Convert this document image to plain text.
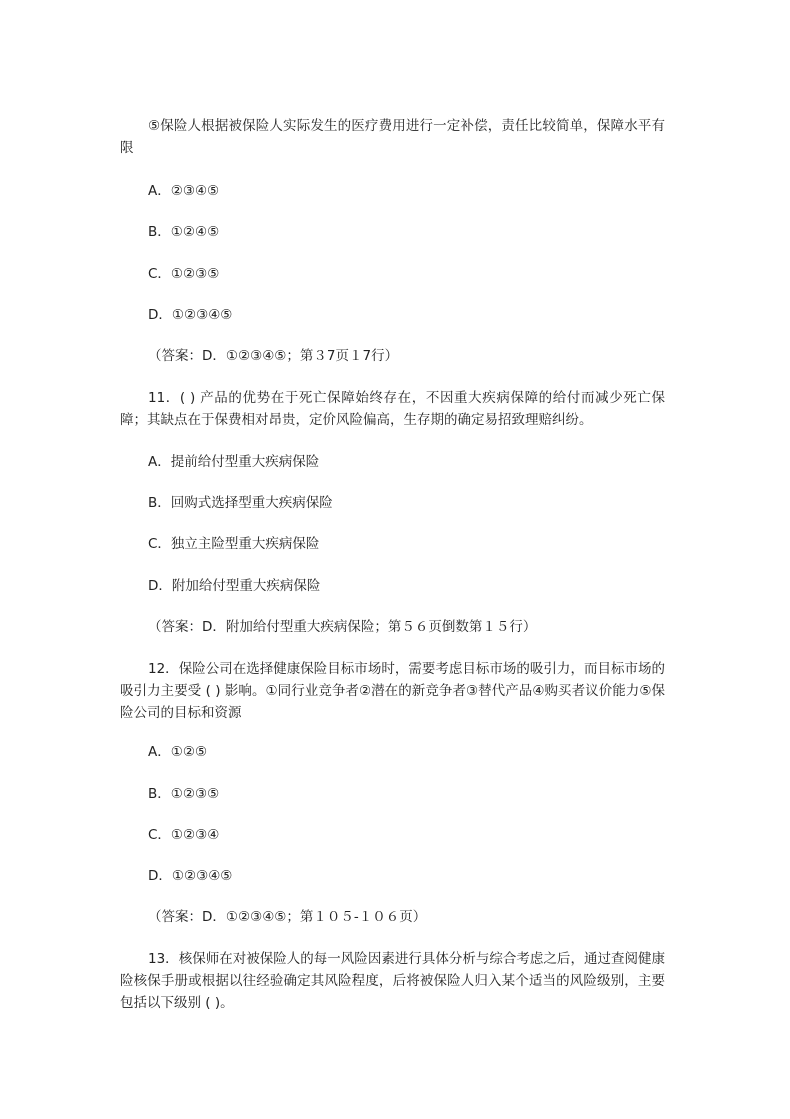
⑤保险人根据被保险人实际发生的医疗费用进行一定补偿，责任比较简单，保障水平有限
A．②③④⑤
B．①②④⑤
C．①②③⑤
D．①②③④⑤
（答案：D．①②③④⑤；第３7页１7行）
11．( ) 产品的优势在于死亡保障始终存在，不因重大疾病保障的给付而减少死亡保障；其缺点在于保费相对昂贵，定价风险偏高，生存期的确定易招致理赔纠纷。
A．提前给付型重大疾病保险
B．回购式选择型重大疾病保险
C．独立主险型重大疾病保险
D．附加给付型重大疾病保险
（答案：D．附加给付型重大疾病保险；第５６页倒数第１５行）
12．保险公司在选择健康保险目标市场时，需要考虑目标市场的吸引力，而目标市场的吸引力主要受 ( ) 影响。①同行业竞争者②潜在的新竞争者③替代产品④购买者议价能力⑤保险公司的目标和资源
A．①②⑤
B．①②③⑤
C．①②③④
D．①②③④⑤
（答案：D．①②③④⑤；第１０５-１０６页）
13．核保师在对被保险人的每一风险因素进行具体分析与综合考虑之后，通过查阅健康险核保手册或根据以往经验确定其风险程度，后将被保险人归入某个适当的风险级别，主要包括以下级别 ( )。
